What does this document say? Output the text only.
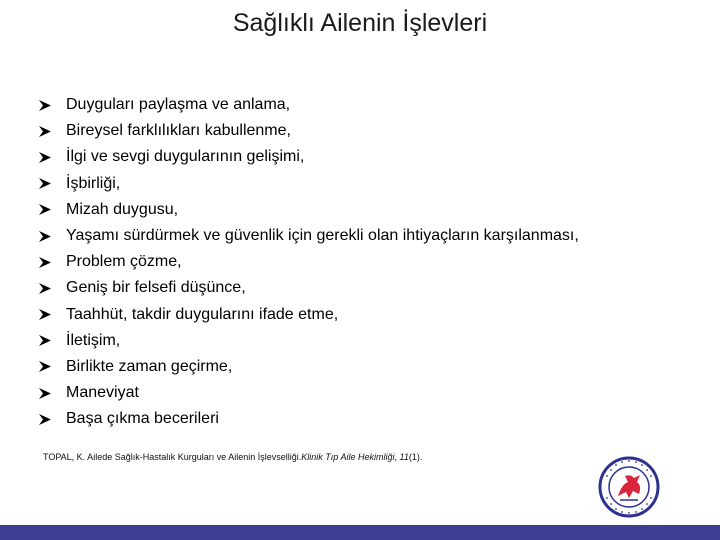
Sağlıklı Ailenin İşlevleri
Duyguları paylaşma ve anlama,
Bireysel farklılıkları kabullenme,
İlgi ve sevgi duygularının gelişimi,
İşbirliği,
Mizah duygusu,
Yaşamı sürdürmek ve güvenlik için gerekli olan ihtiyaçların karşılanması,
Problem çözme,
Geniş bir felsefi düşünce,
Taahhüt, takdir duygularını ifade etme,
İletişim,
Birlikte zaman geçirme,
Maneviyat
Başa çıkma becerileri
TOPAL, K. Ailede Sağlık-Hastalık Kurguları ve Ailenin İşlevselliği.Klinik Tıp Aile Hekimliği, 11(1).
